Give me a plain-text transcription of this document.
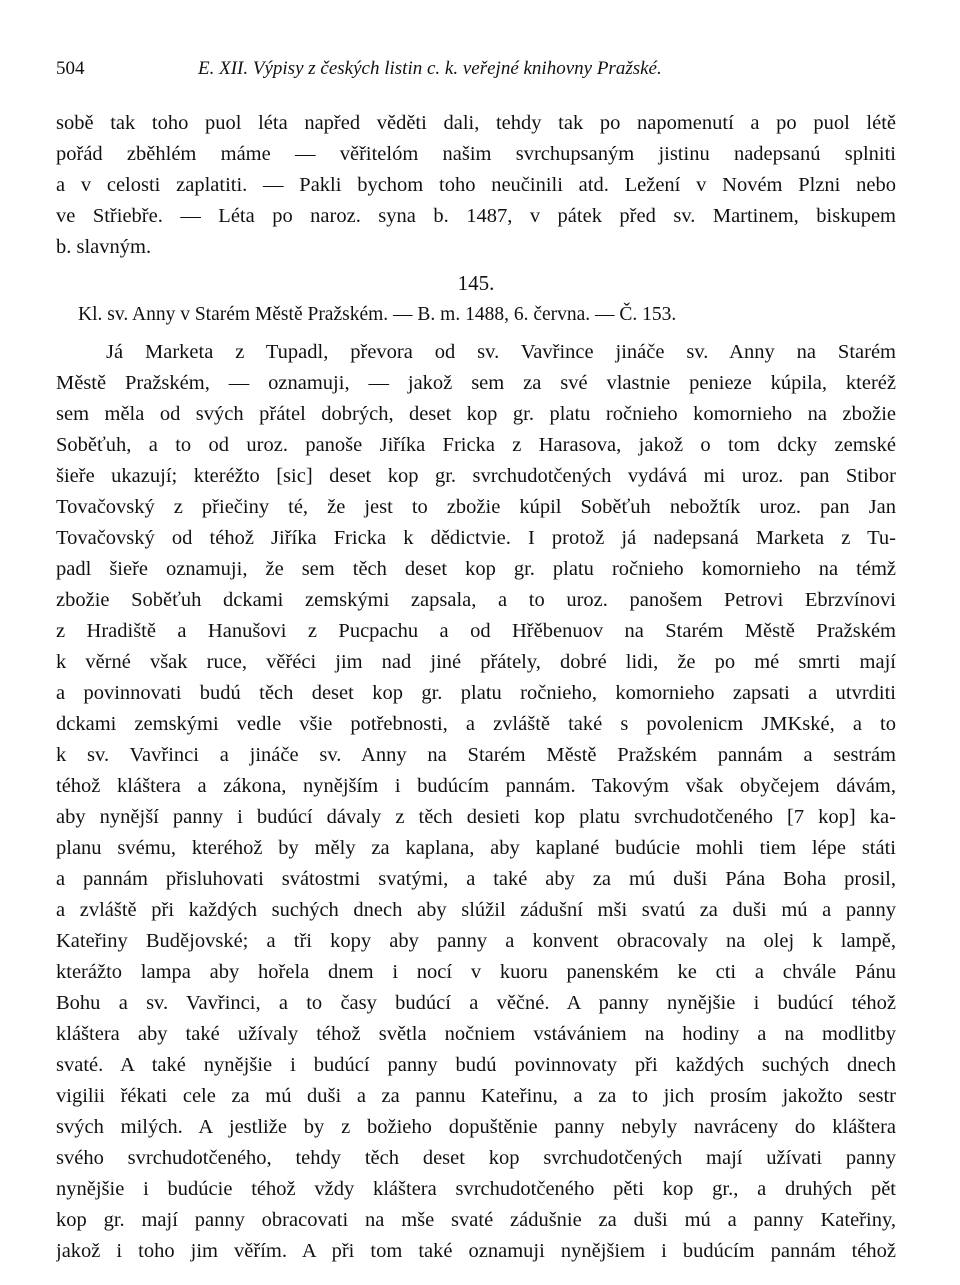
504	E. XII. Výpisy z českých listin c. k. veřejné knihovny Pražské.
sobě tak toho puol léta napřed věděti dali, tehdy tak po napomenutí a po puol létě
pořád zběhlém máme — věřitelóm našim svrchupsaným jistinu nadepsanú splniti
a v celosti zaplatiti. — Pakli bychom toho neučinili atd. Ležení v Novém Plzni nebo
ve Střiebře. — Léta po naroz. syna b. 1487, v pátek před sv. Martinem, biskupem
b. slavným.
145.
Kl. sv. Anny v Starém Městě Pražském. — B. m. 1488, 6. června. — Č. 153.
Já Marketa z Tupadl, převora od sv. Vavřince jináče sv. Anny na Starém
Městě Pražském, — oznamuji, — jakož sem za své vlastnie penieze kúpila, kteréž
sem měla od svých přátel dobrých, deset kop gr. platu ročnieho komornieho na zbožie
Soběťuh, a to od uroz. panoše Jiříka Fricka z Harasova, jakož o tom dcky zemské
šieře ukazují; kteréžto [sic] deset kop gr. svrchudotčených vydává mi uroz. pan Stibor
Tovačovský z přiečiny té, že jest to zbožie kúpil Soběťuh nebožtík uroz. pan Jan
Tovačovský od téhož Jiříka Fricka k dědictvie. I protož já nadepsaná Marketa z Tu-
padl šieře oznamuji, že sem těch deset kop gr. platu ročnieho komornieho na témž
zbožie Soběťuh dckami zemskými zapsala, a to uroz. panošem Petrovi Ebrzvínovi
z Hradiště a Hanušovi z Pucpachu a od Hřěbenuov na Starém Městě Pražském
k věrné však ruce, věřéci jim nad jiné přátely, dobré lidi, že po mé smrti mají
a povinnovati budú těch deset kop gr. platu ročnieho, komornieho zapsati a utvrditi
dckami zemskými vedle všie potřebnosti, a zvláště také s povolenicm JMKské, a to
k sv. Vavřinci a jináče sv. Anny na Starém Městě Pražském pannám a sestrám
téhož kláštera a zákona, nynějším i budúcím pannám. Takovým však obyčejem dávám,
aby nynější panny i budúcí dávaly z těch desieti kop platu svrchudotčeného [7 kop] ka-
planu svému, kteréhož by měly za kaplana, aby kaplané budúcie mohli tiem lépe státi
a pannám přisluhovati svátostmi svatými, a také aby za mú duši Pána Boha prosil,
a zvláště při každých suchých dnech aby slúžil zádušní mši svatú za duši mú a panny
Kateřiny Budějovské; a tři kopy aby panny a konvent obracovaly na olej k lampě,
kterážto lampa aby hořela dnem i nocí v kuoru panenském ke cti a chvále Pánu
Bohu a sv. Vavřinci, a to časy budúcí a věčné. A panny nynějšie i budúcí téhož
kláštera aby také užívaly téhož světla nočniem vstávániem na hodiny a na modlitby
svaté. A také nynějšie i budúcí panny budú povinnovaty při každých suchých dnech
vigilii řékati cele za mú duši a za pannu Kateřinu, a za to jich prosím jakožto sestr
svých milých. A jestliže by z božieho dopuštěnie panny nebyly navráceny do kláštera
svého svrchudotčeného, tehdy těch deset kop svrchudotčených mají užívati panny
nynějšie i budúcie téhož vždy kláštera svrchudotčeného pěti kop gr., a druhých pět
kop gr. mají panny obracovati na mše svaté zádušnie za duši mú a panny Kateřiny,
jakož i toho jim věřím. A při tom také oznamuji nynějšiem i budúcím pannám téhož
